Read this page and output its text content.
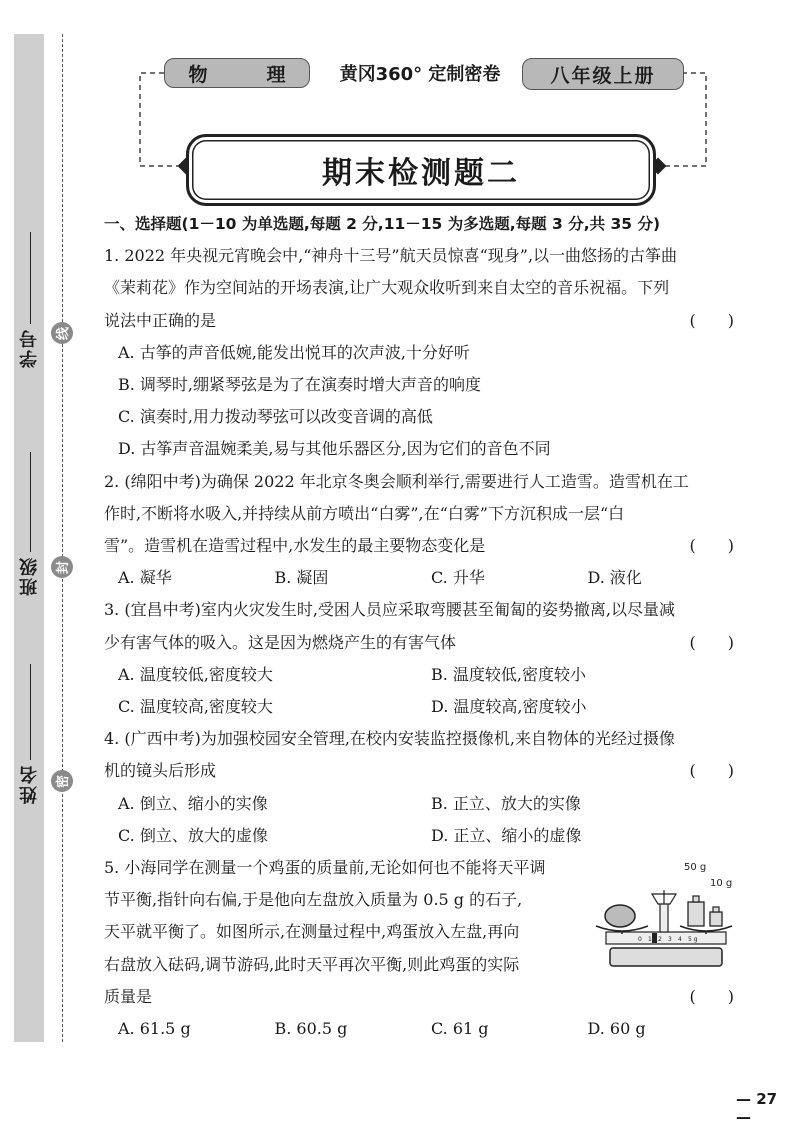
学号
班级
姓名
线
封
密
物　理	黄冈360° 定制密卷	八年级上册
期末检测题二

一、选择题(1－10 为单选题,每题 2 分,11－15 为多选题,每题 3 分,共 35 分)

1. 2022 年央视元宵晚会中,“神舟十三号”航天员惊喜“现身”,以一曲悠扬的古筝曲

《茉莉花》作为空间站的开场表演,让广大观众收听到来自太空的音乐祝福。下列

说法中正确的是	(　　)

A. 古筝的声音低婉,能发出悦耳的次声波,十分好听

B. 调琴时,绷紧琴弦是为了在演奏时增大声音的响度

C. 演奏时,用力拨动琴弦可以改变音调的高低

D. 古筝声音温婉柔美,易与其他乐器区分,因为它们的音色不同

2. (绵阳中考)为确保 2022 年北京冬奥会顺利举行,需要进行人工造雪。造雪机在工

作时,不断将水吸入,并持续从前方喷出“白雾”,在“白雾”下方沉积成一层“白

雪”。造雪机在造雪过程中,水发生的最主要物态变化是	(　　)
A. 凝华	B. 凝固	C. 升华	D. 液化

3. (宜昌中考)室内火灾发生时,受困人员应采取弯腰甚至匍匐的姿势撤离,以尽量减

少有害气体的吸入。这是因为燃烧产生的有害气体	(　　)
A. 温度较低,密度较大	B. 温度较低,密度较小
C. 温度较高,密度较大	D. 温度较高,密度较小

4. (广西中考)为加强校园安全管理,在校内安装监控摄像机,来自物体的光经过摄像

机的镜头后形成	(　　)
A. 倒立、缩小的实像	B. 正立、放大的实像
C. 倒立、放大的虚像	D. 正立、缩小的虚像

5. 小海同学在测量一个鸡蛋的质量前,无论如何也不能将天平调

节平衡,指针向右偏,于是他向左盘放入质量为 0.5 g 的石子,

天平就平衡了。如图所示,在测量过程中,鸡蛋放入左盘,再向

右盘放入砝码,调节游码,此时天平再次平衡,则此鸡蛋的实际

质量是	(　　)
A. 61.5 g	B. 60.5 g	C. 61 g	D. 60 g
0 1 2 3 4 5 g
50 g
10 g
— 27 —
